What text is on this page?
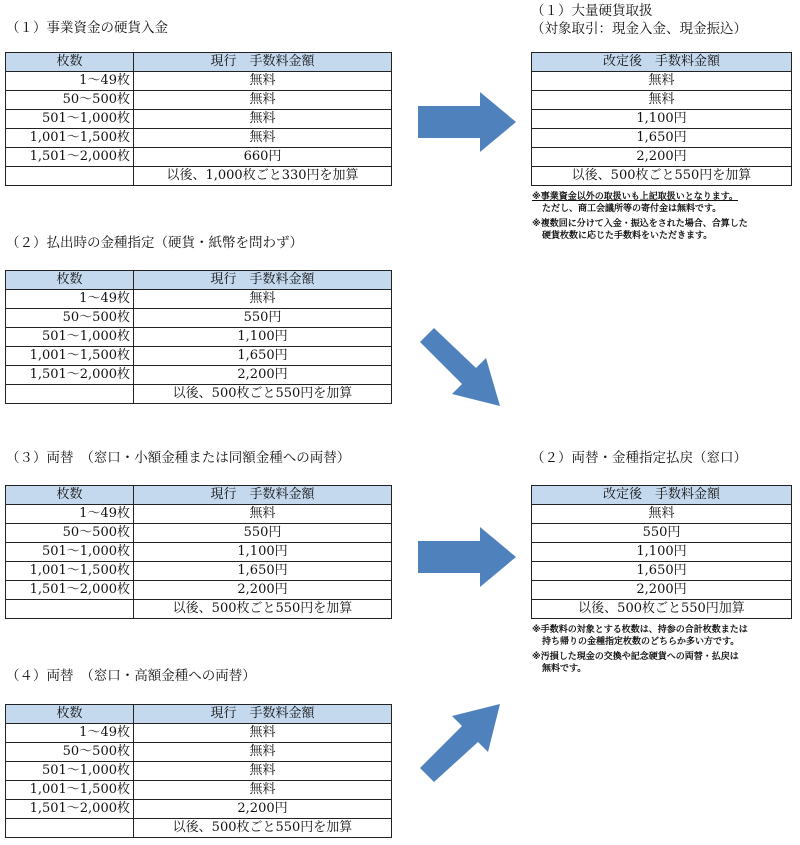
（１）事業資金の硬貨入金
枚数	現行　手数料金額
1～49枚	無料
50～500枚	無料
501～1,000枚	無料
1,001～1,500枚	無料
1,501～2,000枚	660円
	以後、1,000枚ごと330円を加算
（２）払出時の金種指定（硬貨・紙幣を問わず）
枚数	現行　手数料金額
1～49枚	無料
50～500枚	550円
501～1,000枚	1,100円
1,001～1,500枚	1,650円
1,501～2,000枚	2,200円
	以後、500枚ごと550円を加算
（３）両替　（窓口・小額金種または同額金種への両替）
枚数	現行　手数料金額
1～49枚	無料
50～500枚	550円
501～1,000枚	1,100円
1,001～1,500枚	1,650円
1,501～2,000枚	2,200円
	以後、500枚ごと550円を加算
（４）両替　（窓口・高額金種への両替）
枚数	現行　手数料金額
1～49枚	無料
50～500枚	無料
501～1,000枚	無料
1,001～1,500枚	無料
1,501～2,000枚	2,200円
	以後、500枚ごと550円を加算
（１）大量硬貨取扱
（対象取引：現金入金、現金振込）
改定後　手数料金額
無料
無料
1,100円
1,650円
2,200円
以後、500枚ごと550円を加算
※事業資金以外の取扱いも上記取扱いとなります。
ただし、商工会議所等の寄付金は無料です。
※複数回に分けて入金・振込をされた場合、合算した
硬貨枚数に応じた手数料をいただきます。
（２）両替・金種指定払戻（窓口）
改定後　手数料金額
無料
550円
1,100円
1,650円
2,200円
以後、500枚ごと550円加算
※手数料の対象とする枚数は、持参の合計枚数または
持ち帰りの金種指定枚数のどちらか多い方です。
※汚損した現金の交換や記念硬貨への両替・払戻は
無料です。
